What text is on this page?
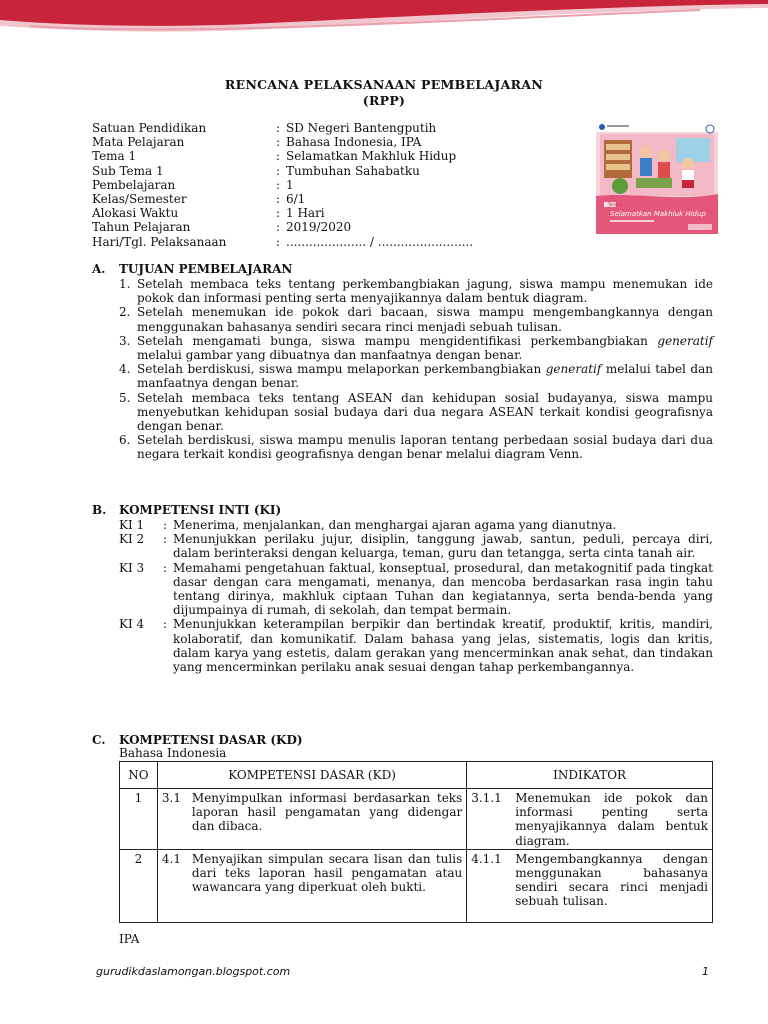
RENCANA PELAKSANAAN PEMBELAJARAN
(RPP)
Satuan Pendidikan	: SD Negeri Bantengputih
Mata Pelajaran	: Bahasa Indonesia, IPA
Tema 1	: Selamatkan Makhluk Hidup
Sub Tema 1	: Tumbuhan Sahabatku
Pembelajaran	: 1
Kelas/Semester	: 6/1
Alokasi Waktu	: 1 Hari
Tahun Pelajaran	: 2019/2020
Hari/Tgl. Pelaksanaan	: ..................... / .........................
Tema 1
Selamatkan Makhluk Hidup
A. TUJUAN PEMBELAJARAN
1. Setelah membaca teks tentang perkembangbiakan jagung, siswa mampu menemukan ide pokok dan informasi penting serta menyajikannya dalam bentuk diagram.
2. Setelah menemukan ide pokok dari bacaan, siswa mampu mengembangkannya dengan menggunakan bahasanya sendiri secara rinci menjadi sebuah tulisan.
3. Setelah mengamati bunga, siswa mampu mengidentifikasi perkembangbiakan generatif melalui gambar yang dibuatnya dan manfaatnya dengan benar.
4. Setelah berdiskusi, siswa mampu melaporkan perkembangbiakan generatif melalui tabel dan manfaatnya dengan benar.
5. Setelah membaca teks tentang ASEAN dan kehidupan sosial budayanya, siswa mampu menyebutkan kehidupan sosial budaya dari dua negara ASEAN terkait kondisi geografisnya dengan benar.
6. Setelah berdiskusi, siswa mampu menulis laporan tentang perbedaan sosial budaya dari dua negara terkait kondisi geografisnya dengan benar melalui diagram Venn.
B. KOMPETENSI INTI (KI)
KI 1	: Menerima, menjalankan, dan menghargai ajaran agama yang dianutnya.
KI 2	: Menunjukkan perilaku jujur, disiplin, tanggung jawab, santun, peduli, percaya diri, dalam berinteraksi dengan keluarga, teman, guru dan tetangga, serta cinta tanah air.
KI 3	: Memahami pengetahuan faktual, konseptual, prosedural, dan metakognitif pada tingkat dasar dengan cara mengamati, menanya, dan mencoba berdasarkan rasa ingin tahu tentang dirinya, makhluk ciptaan Tuhan dan kegiatannya, serta benda-benda yang dijumpainya di rumah, di sekolah, dan tempat bermain.
KI 4	: Menunjukkan keterampilan berpikir dan bertindak kreatif, produktif, kritis, mandiri, kolaboratif, dan komunikatif. Dalam bahasa yang jelas, sistematis, logis dan kritis, dalam karya yang estetis, dalam gerakan yang mencerminkan anak sehat, dan tindakan yang mencerminkan perilaku anak sesuai dengan tahap perkembangannya.
C. KOMPETENSI DASAR (KD)
Bahasa Indonesia
NO	KOMPETENSI DASAR (KD)	INDIKATOR
1	3.1 Menyimpulkan informasi berdasarkan teks laporan hasil pengamatan yang didengar dan dibaca.	3.1.1 Menemukan ide pokok dan informasi penting serta menyajikannya dalam bentuk diagram.

2	4.1 Menyajikan simpulan secara lisan dan tulis dari teks laporan hasil pengamatan atau wawancara yang diperkuat oleh bukti.	4.1.1 Mengembangkannya dengan menggunakan bahasanya sendiri secara rinci menjadi sebuah tulisan.
IPA
gurudikdaslamongan.blogspot.com	1
